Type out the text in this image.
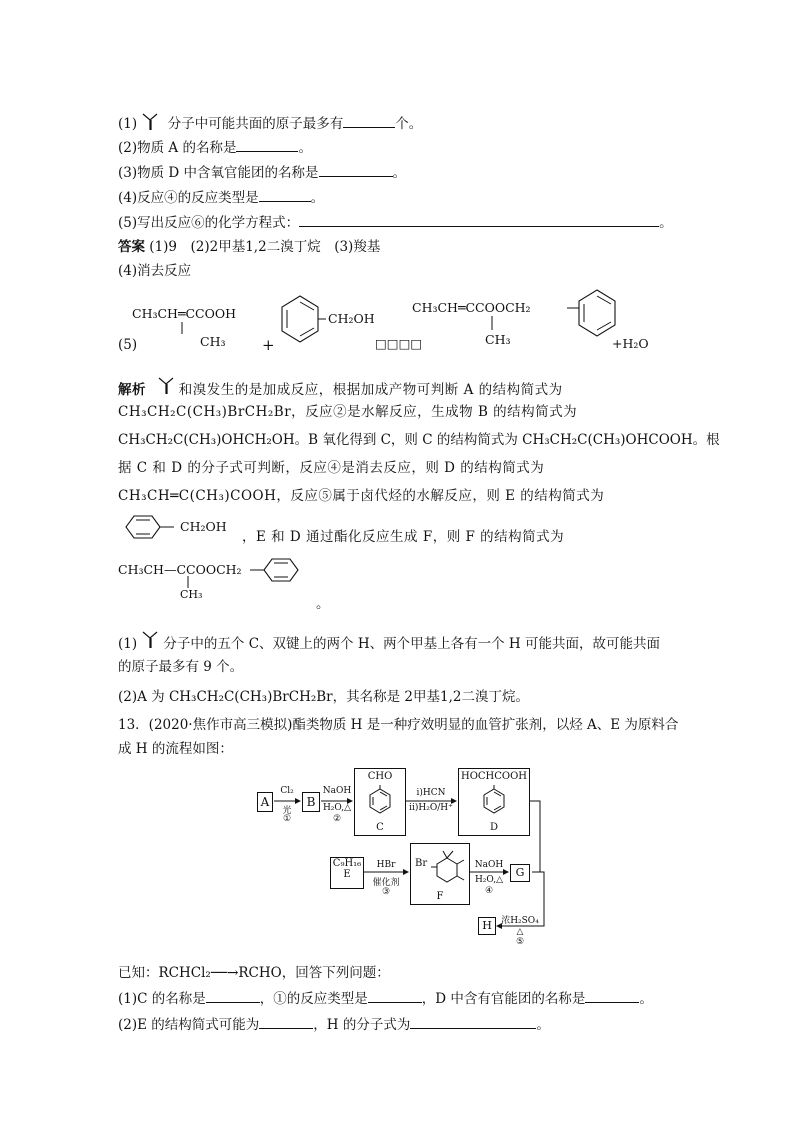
(1) 分子中可能共面的原子最多有	个。
(2)物质 A 的名称是	。
(3)物质 D 中含氧官能团的名称是	。
(4)反应④的反应类型是	。
(5)写出反应⑥的化学方程式：	。
答案 (1)9　(2)2甲基1,2二溴丁烷　(3)羧基
(4)消去反应
CH₃CH═CCOOH
CH₃
(5)	+
CH₂OH
□□□□
CH₃CH═CCOOCH₂
CH₃	+H₂O
解析 和溴发生的是加成反应，根据加成产物可判断 A 的结构简式为
CH₃CH₂C(CH₃)BrCH₂Br，反应②是水解反应，生成物 B 的结构简式为
CH₃CH₂C(CH₃)OHCH₂OH。B 氧化得到 C，则 C 的结构简式为 CH₃CH₂C(CH₃)OHCOOH。根
据 C 和 D 的分子式可判断，反应④是消去反应，则 D 的结构简式为
CH₃CH═C(CH₃)COOH，反应⑤属于卤代烃的水解反应，则 E 的结构简式为
CH₂OH
，E 和 D 通过酯化反应生成 F，则 F 的结构简式为
CH₃CH—CCOOCH₂
CH₃
。
(1) 分子中的五个 C、双键上的两个 H、两个甲基上各有一个 H 可能共面，故可能共面
的原子最多有 9 个。
(2)A 为 CH₃CH₂C(CH₃)BrCH₂Br，其名称是 2甲基1,2二溴丁烷。
13．(2020·焦作市高三模拟)酯类物质 H 是一种疗效明显的血管扩张剂，以烃 A、E 为原料合
成 H 的流程如图：
A	B
CHO
C
HOCHCOOH
D
Cl₂
光
①
NaOH
H₂O,△
②
i)HCN
ii)H₂O/H⁺
C₉H₁₆
E
HBr
催化剂
③
Br
F
NaOH
H₂O,△
④
G
H	浓H₂SO₄
△
⑤
已知：RCHCl₂──→RCHO，回答下列问题：
(1)C 的名称是	，①的反应类型是	，D 中含有官能团的名称是	。
(2)E 的结构简式可能为	，H 的分子式为	。
